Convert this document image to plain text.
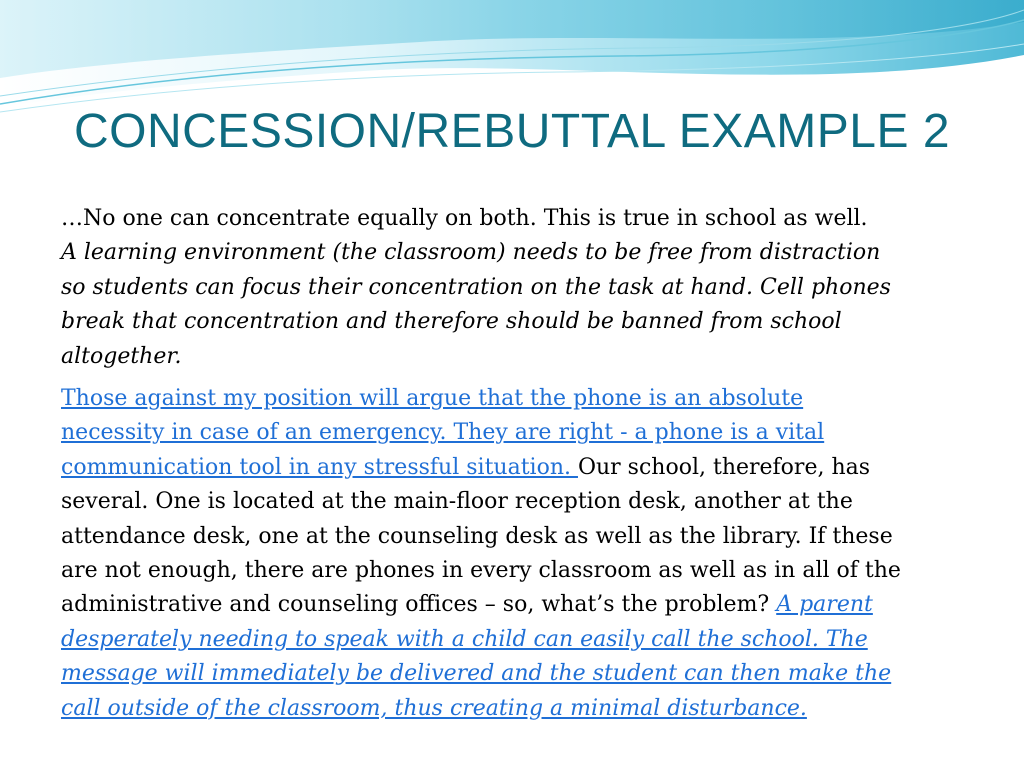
CONCESSION/REBUTTAL EXAMPLE 2

…No one can concentrate equally on both. This is true in school as well.
A learning environment (the classroom) needs to be free from distraction
so students can focus their concentration on the task at hand. Cell phones
break that concentration and therefore should be banned from school
altogether.

Those against my position will argue that the phone is an absolute
necessity in case of an emergency. They are right - a phone is a vital
communication tool in any stressful situation. Our school, therefore, has
several. One is located at the main-floor reception desk, another at the
attendance desk, one at the counseling desk as well as the library. If these
are not enough, there are phones in every classroom as well as in all of the
administrative and counseling offices – so, what’s the problem? A parent
desperately needing to speak with a child can easily call the school. The
message will immediately be delivered and the student can then make the
call outside of the classroom, thus creating a minimal disturbance.
